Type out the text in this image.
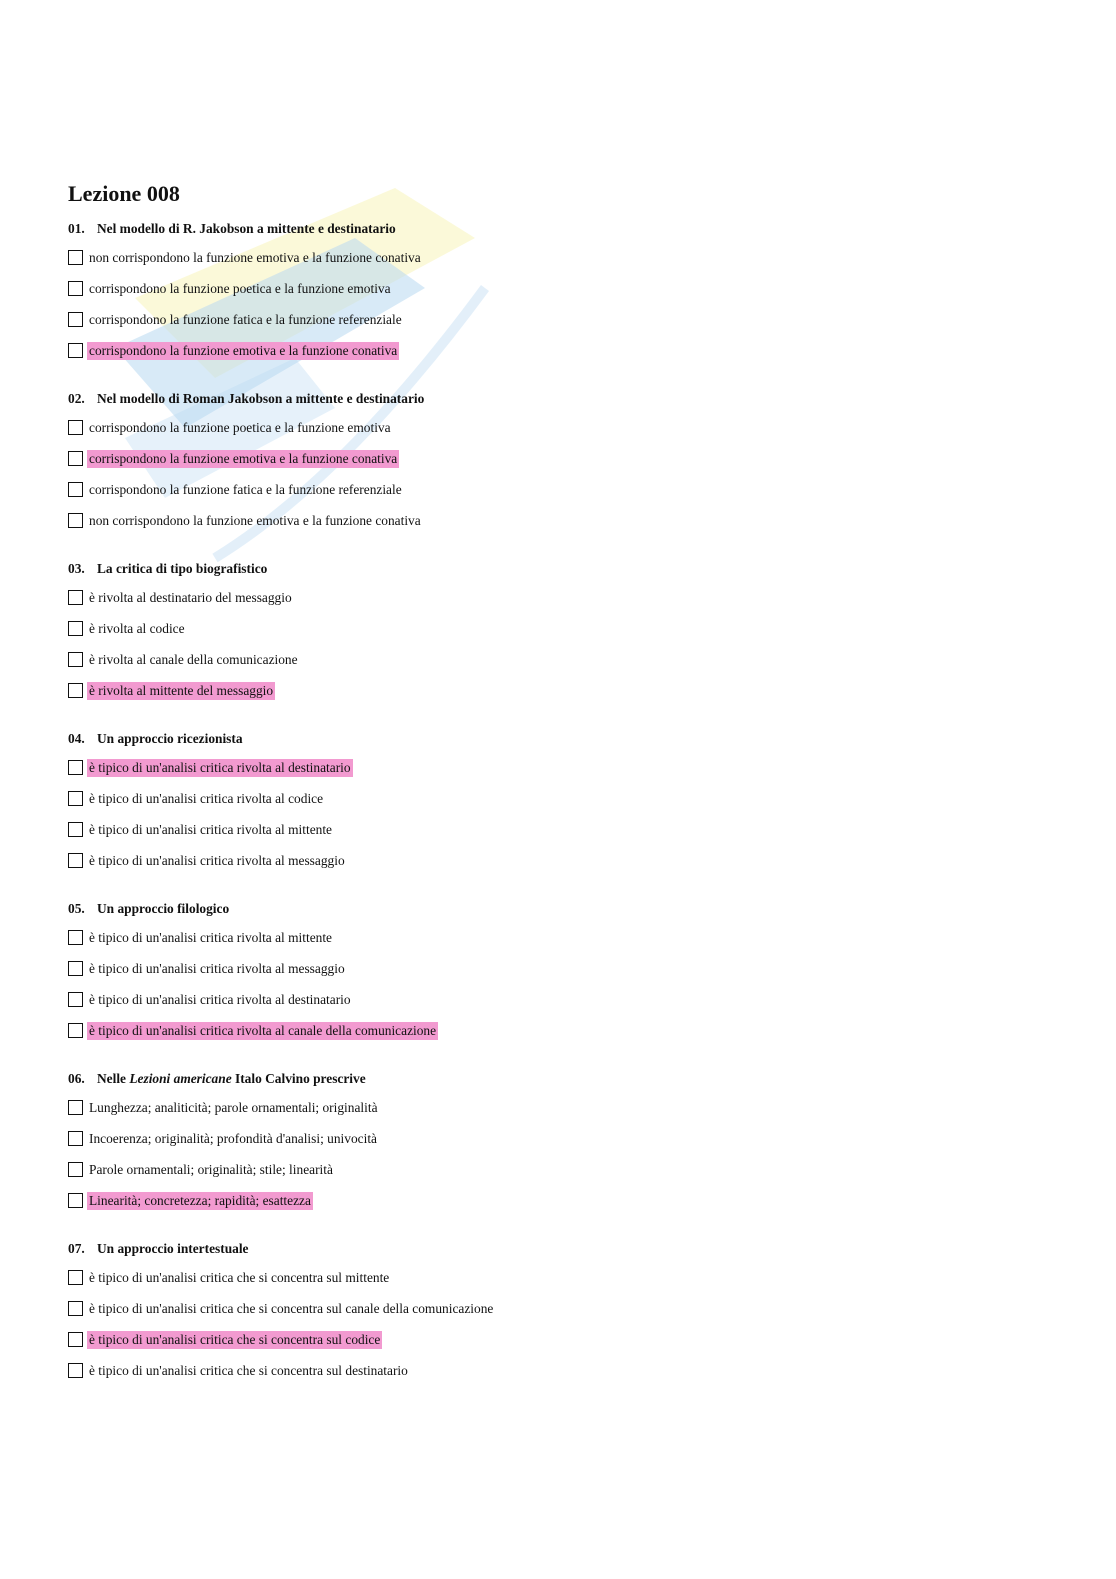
Lezione 008
01. Nel modello di R. Jakobson a mittente e destinatario
non corrispondono la funzione emotiva e la funzione conativa
corrispondono la funzione poetica e la funzione emotiva
corrispondono la funzione fatica e la funzione referenziale
corrispondono la funzione emotiva e la funzione conativa
02. Nel modello di Roman Jakobson a mittente e destinatario
corrispondono la funzione poetica e la funzione emotiva
corrispondono la funzione emotiva e la funzione conativa
corrispondono la funzione fatica e la funzione referenziale
non corrispondono la funzione emotiva e la funzione conativa
03. La critica di tipo biografistico
è rivolta al destinatario del messaggio
è rivolta al codice
è rivolta al canale della comunicazione
è rivolta al mittente del messaggio
04. Un approccio ricezionista
è tipico di un'analisi critica rivolta al destinatario
è tipico di un'analisi critica rivolta al codice
è tipico di un'analisi critica rivolta al mittente
è tipico di un'analisi critica rivolta al messaggio
05. Un approccio filologico
è tipico di un'analisi critica rivolta al mittente
è tipico di un'analisi critica rivolta al messaggio
è tipico di un'analisi critica rivolta al destinatario
è tipico di un'analisi critica rivolta al canale della comunicazione
06. Nelle Lezioni americane Italo Calvino prescrive
Lunghezza; analiticità; parole ornamentali; originalità
Incoerenza; originalità; profondità d'analisi; univocità
Parole ornamentali; originalità; stile; linearità
Linearità; concretezza; rapidità; esattezza
07. Un approccio intertestuale
è tipico di un'analisi critica che si concentra sul mittente
è tipico di un'analisi critica che si concentra sul canale della comunicazione
è tipico di un'analisi critica che si concentra sul codice
è tipico di un'analisi critica che si concentra sul destinatario
